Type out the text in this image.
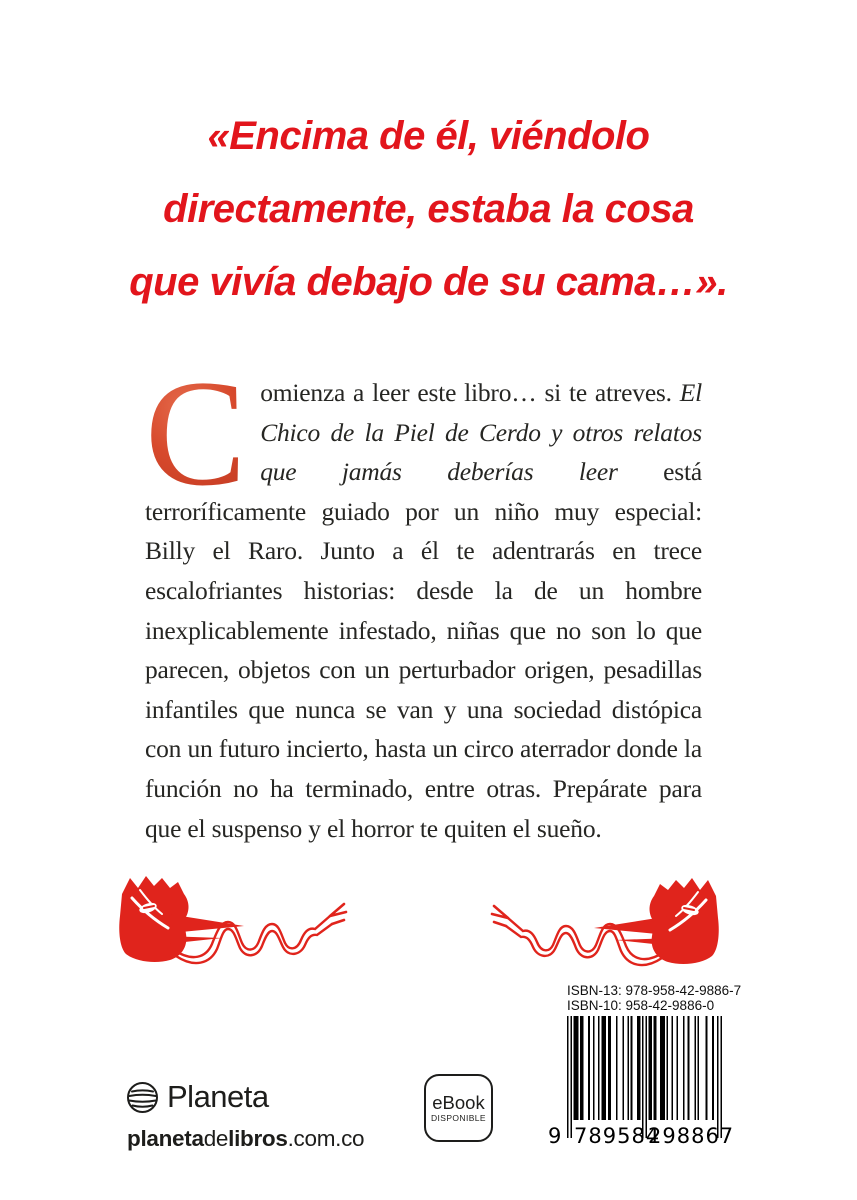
«Encima de él, viéndolo
directamente, estaba la cosa
que vivía debajo de su cama…».
C omienza a leer este libro… si te atreves. El Chico de la Piel de Cerdo y otros relatos que jamás deberías leer está terroríficamente guiado por un niño muy especial: Billy el Raro. Junto a él te adentrarás en trece escalofriantes historias: desde la de un hombre inexplicablemente infestado, niñas que no son lo que parecen, objetos con un perturbador origen, pesadillas infantiles que nunca se van y una sociedad distópica con un futuro incierto, hasta un circo aterrador donde la función no ha terminado, entre otras. Prepárate para que el suspenso y el horror te quiten el sueño.
ISBN-13: 978-958-42-9886-7
ISBN-10: 958-42-9886-0
9 789584
298867
Planeta
planetadelibros.com.co
eBook
DISPONIBLE
